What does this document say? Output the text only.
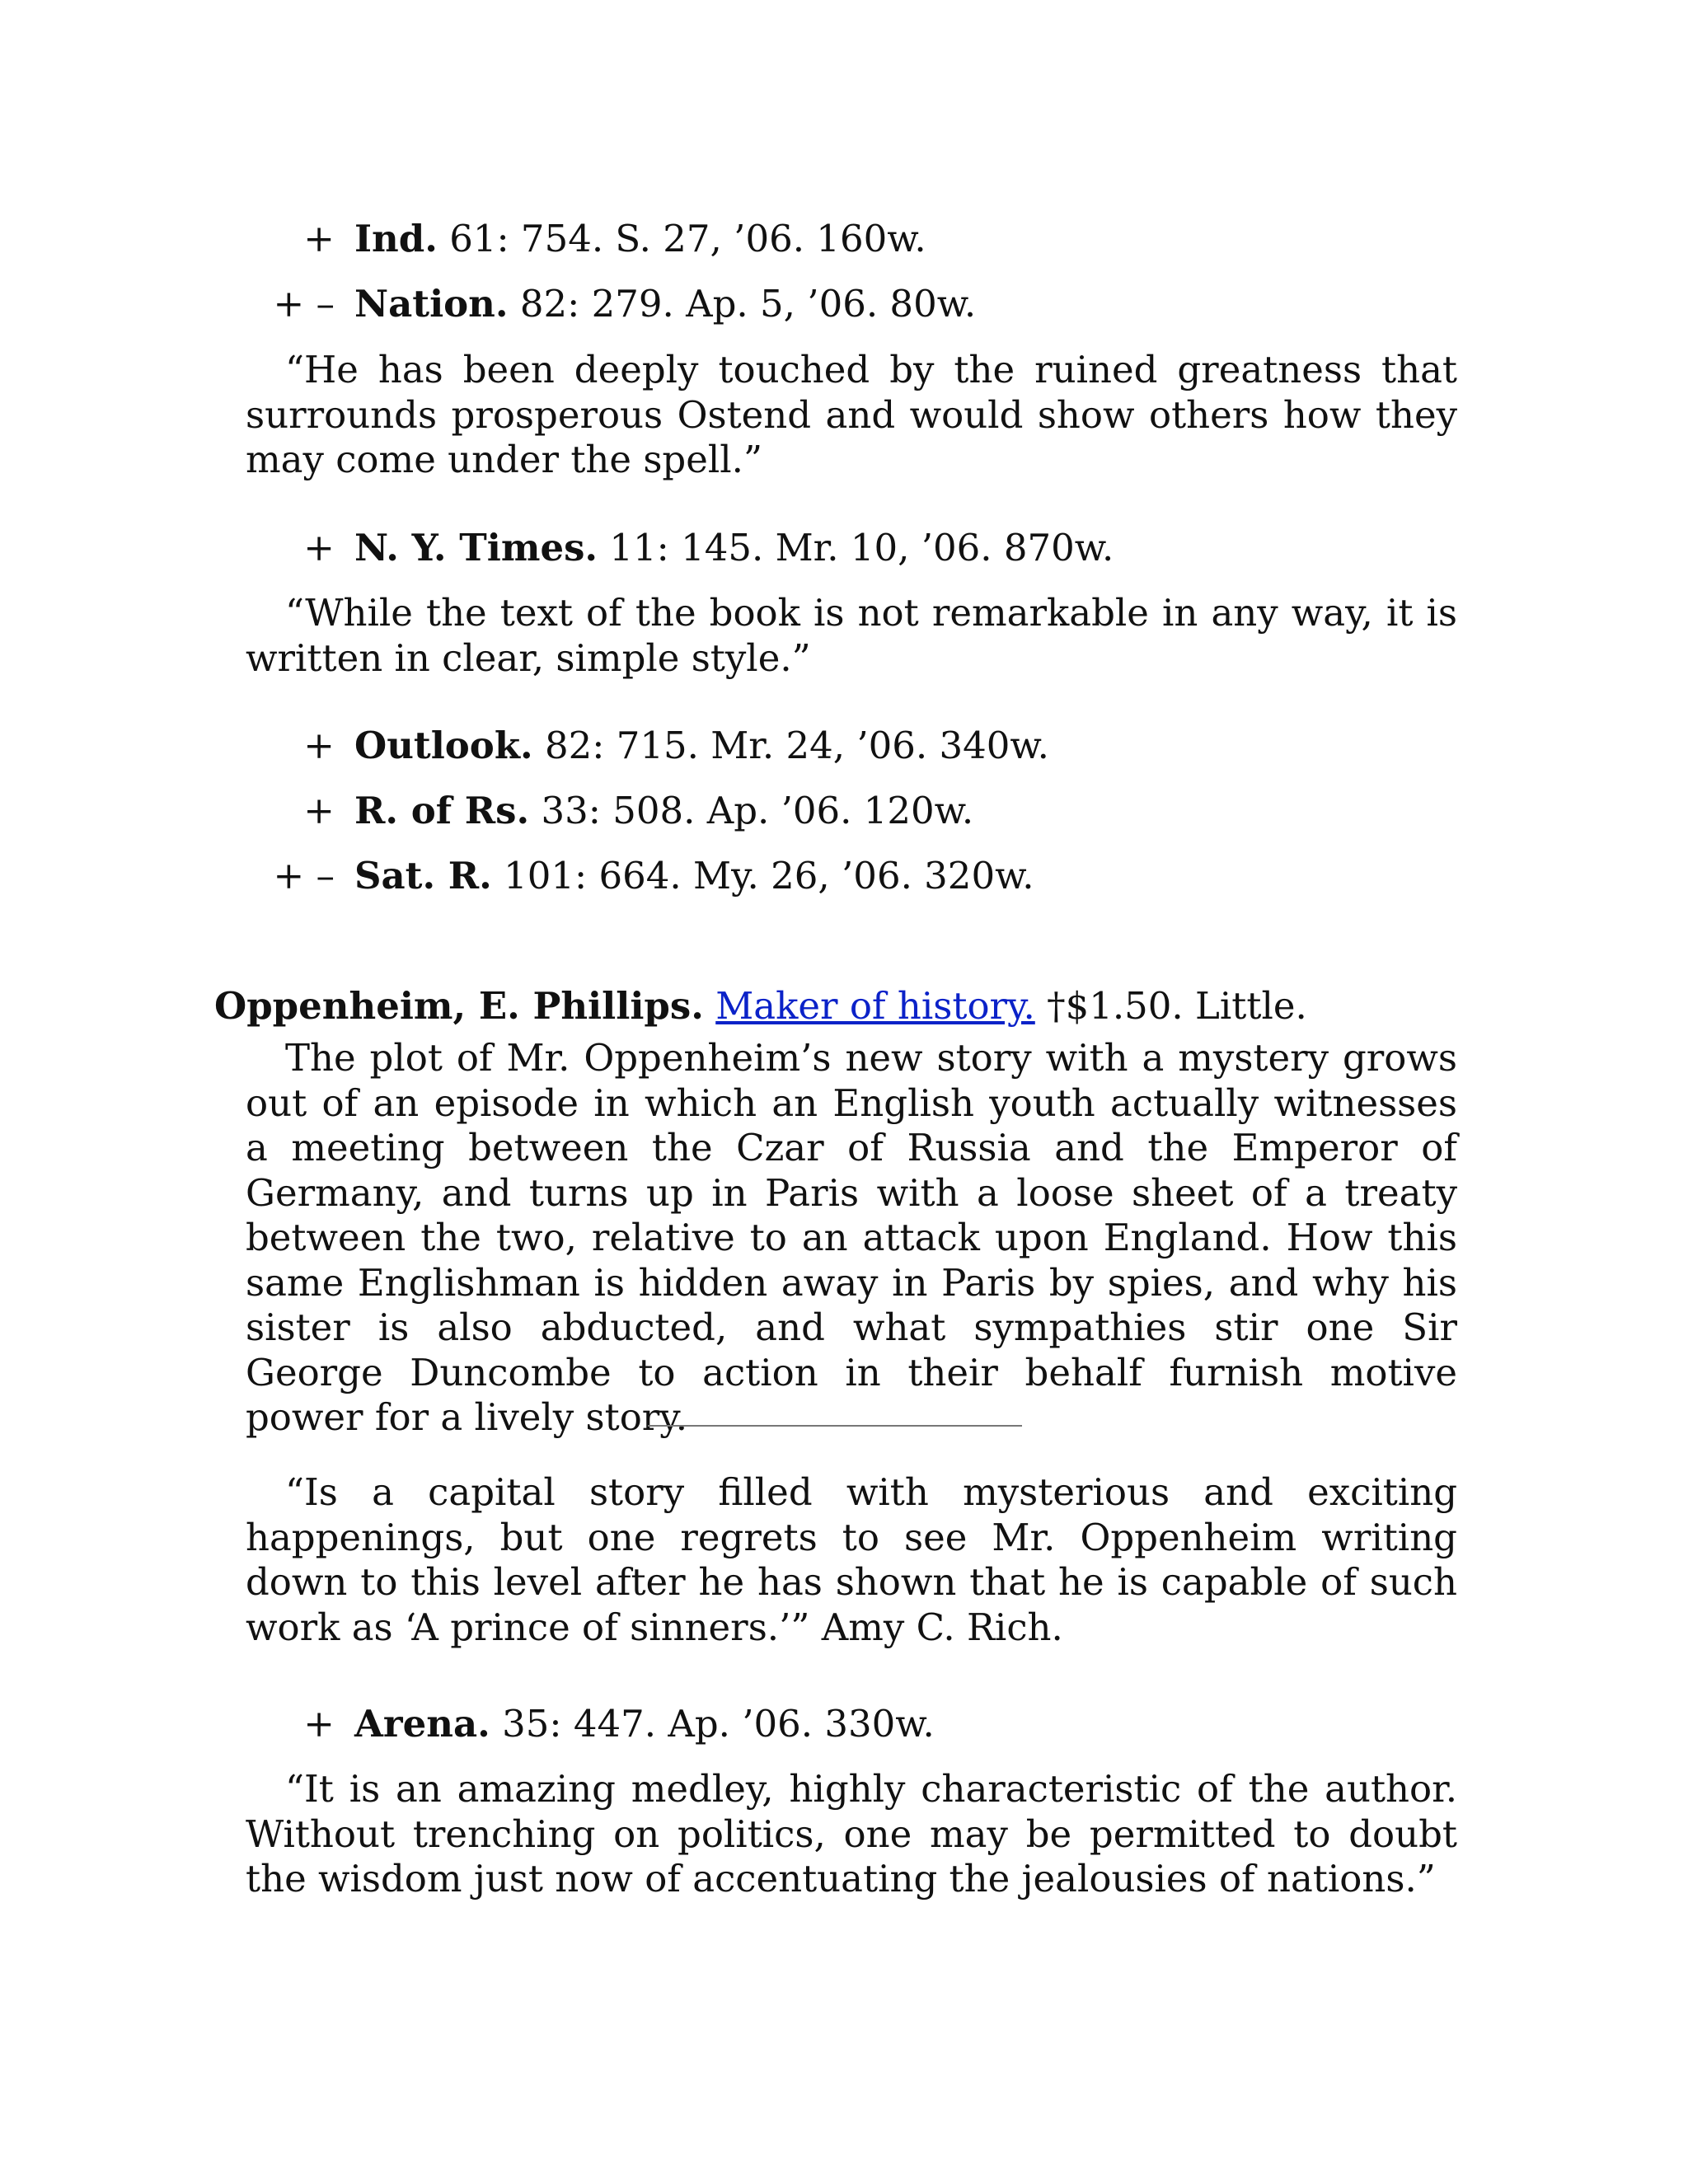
+ Ind. 61: 754. S. 27, ’06. 160w.
+ – Nation. 82: 279. Ap. 5, ’06. 80w.
“He has been deeply touched by the ruined greatness that surrounds prosperous Ostend and would show others how they may come under the spell.”
+ N. Y. Times. 11: 145. Mr. 10, ’06. 870w.
“While the text of the book is not remarkable in any way, it is written in clear, simple style.”
+ Outlook. 82: 715. Mr. 24, ’06. 340w.
+ R. of Rs. 33: 508. Ap. ’06. 120w.
+ – Sat. R. 101: 664. My. 26, ’06. 320w.
Oppenheim, E. Phillips. Maker of history. †$1.50. Little.
The plot of Mr. Oppenheim’s new story with a mystery grows out of an episode in which an English youth actually witnesses a meeting between the Czar of Russia and the Emperor of Germany, and turns up in Paris with a loose sheet of a treaty between the two, relative to an attack upon England. How this same Englishman is hidden away in Paris by spies, and why his sister is also abducted, and what sympathies stir one Sir George Duncombe to action in their behalf furnish motive power for a lively story.
“Is a capital story filled with mysterious and exciting happenings, but one regrets to see Mr. Oppenheim writing down to this level after he has shown that he is capable of such work as ‘A prince of sinners.’” Amy C. Rich.
+ Arena. 35: 447. Ap. ’06. 330w.
“It is an amazing medley, highly characteristic of the author. Without trenching on politics, one may be permitted to doubt the wisdom just now of accentuating the jealousies of nations.”
